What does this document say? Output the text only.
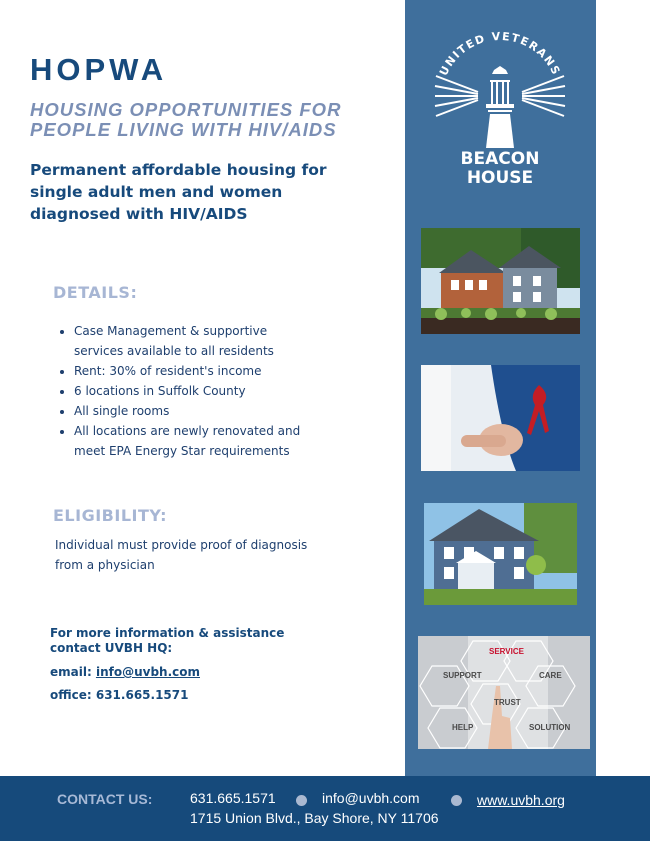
HOPWA
HOUSING OPPORTUNITIES FOR
PEOPLE LIVING WITH HIV/AIDS
Permanent affordable housing for
single adult men and women
diagnosed with HIV/AIDS
DETAILS:
• Case Management & supportive
services available to all residents
• Rent: 30% of resident's income
• 6 locations in Suffolk County
• All single rooms
• All locations are newly renovated and
meet EPA Energy Star requirements
ELIGIBILITY:
Individual must provide proof of diagnosis
from a physician
For more information & assistance
contact UVBH HQ:
email: info@uvbh.com
office: 631.665.1571
UNITED VETERANS
BEACON
HOUSE
SERVICE
SUPPORT	CARE
TRUST
HELP	SOLUTION
CONTACT US:	631.665.1571	info@uvbh.com	www.uvbh.org
1715 Union Blvd., Bay Shore, NY 11706
